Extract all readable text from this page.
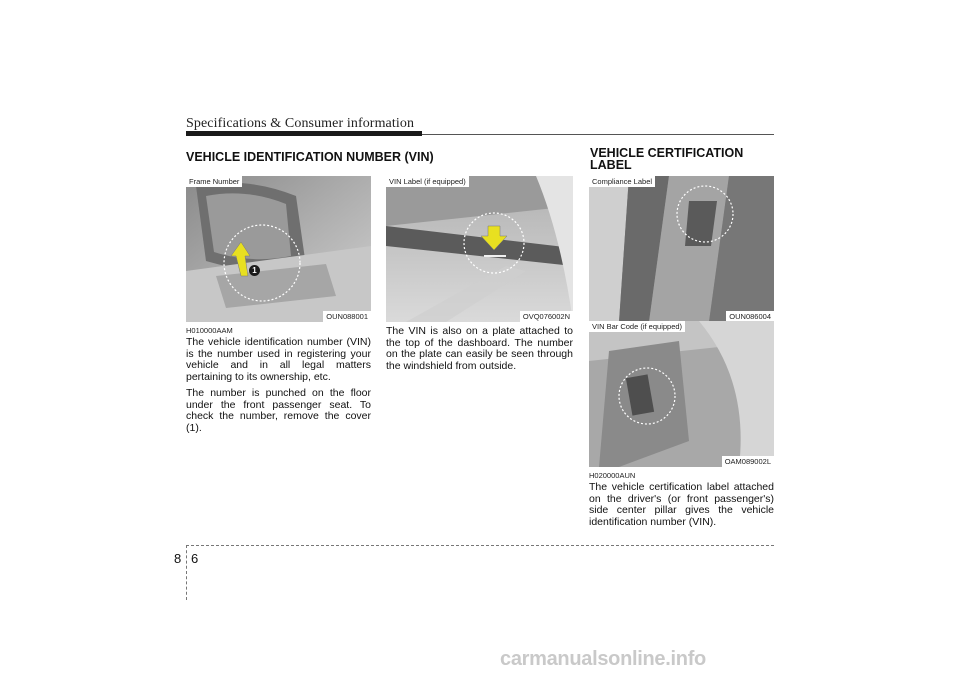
Specifications & Consumer information
VEHICLE IDENTIFICATION NUMBER (VIN)
Frame Number
1
OUN088001
VIN Label (if equipped)
OVQ076002N
H010000AAM

The vehicle identification number (VIN) is the number used in registering your vehicle and in all legal matters pertaining to its ownership, etc.

The number is punched on the floor under the front passenger seat. To check the number, remove the cover (1).

The VIN is also on a plate attached to the top of the dashboard. The number on the plate can easily be seen through the windshield from outside.

VEHICLE CERTIFICATION
LABEL
Compliance Label
OUN086004
VIN Bar Code (if equipped)
OAM089002L
H020000AUN

The vehicle certification label attached on the driver's (or front passenger's) side center pillar gives the vehicle identification number (VIN).

8 6
carmanualsonline.info
